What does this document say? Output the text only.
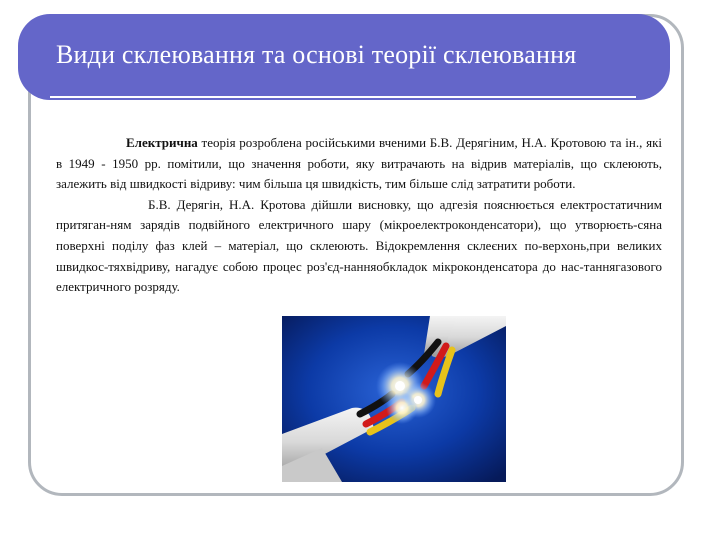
Види склеювання та основі теорії склеювання

Електрична теорія розроблена російськими вченими Б.В. Дерягіним, Н.А. Кротовою та ін., які в 1949 - 1950 рр. помітили, що значення роботи, яку витрачають на відрив матеріалів, що склеюють, залежить від швидкості відриву: чим більша ця швидкість, тим більше слід затратити роботи.

Б.В. Дерягін, Н.А. Кротова дійшли висновку, що адгезія пояснюється електростатичним притяган-ням зарядів подвійного електричного шару (мікроелектроконденсатори), що утворюєть-сяна поверхні поділу фаз клей – матеріал, що склеюють. Відокремлення склеєних по-верхонь,при великих швидкос-тяхвідриву, нагадує собою процес роз'єд-нанняобкладок мікроконденсатора до нас-таннягазового електричного розряду.
